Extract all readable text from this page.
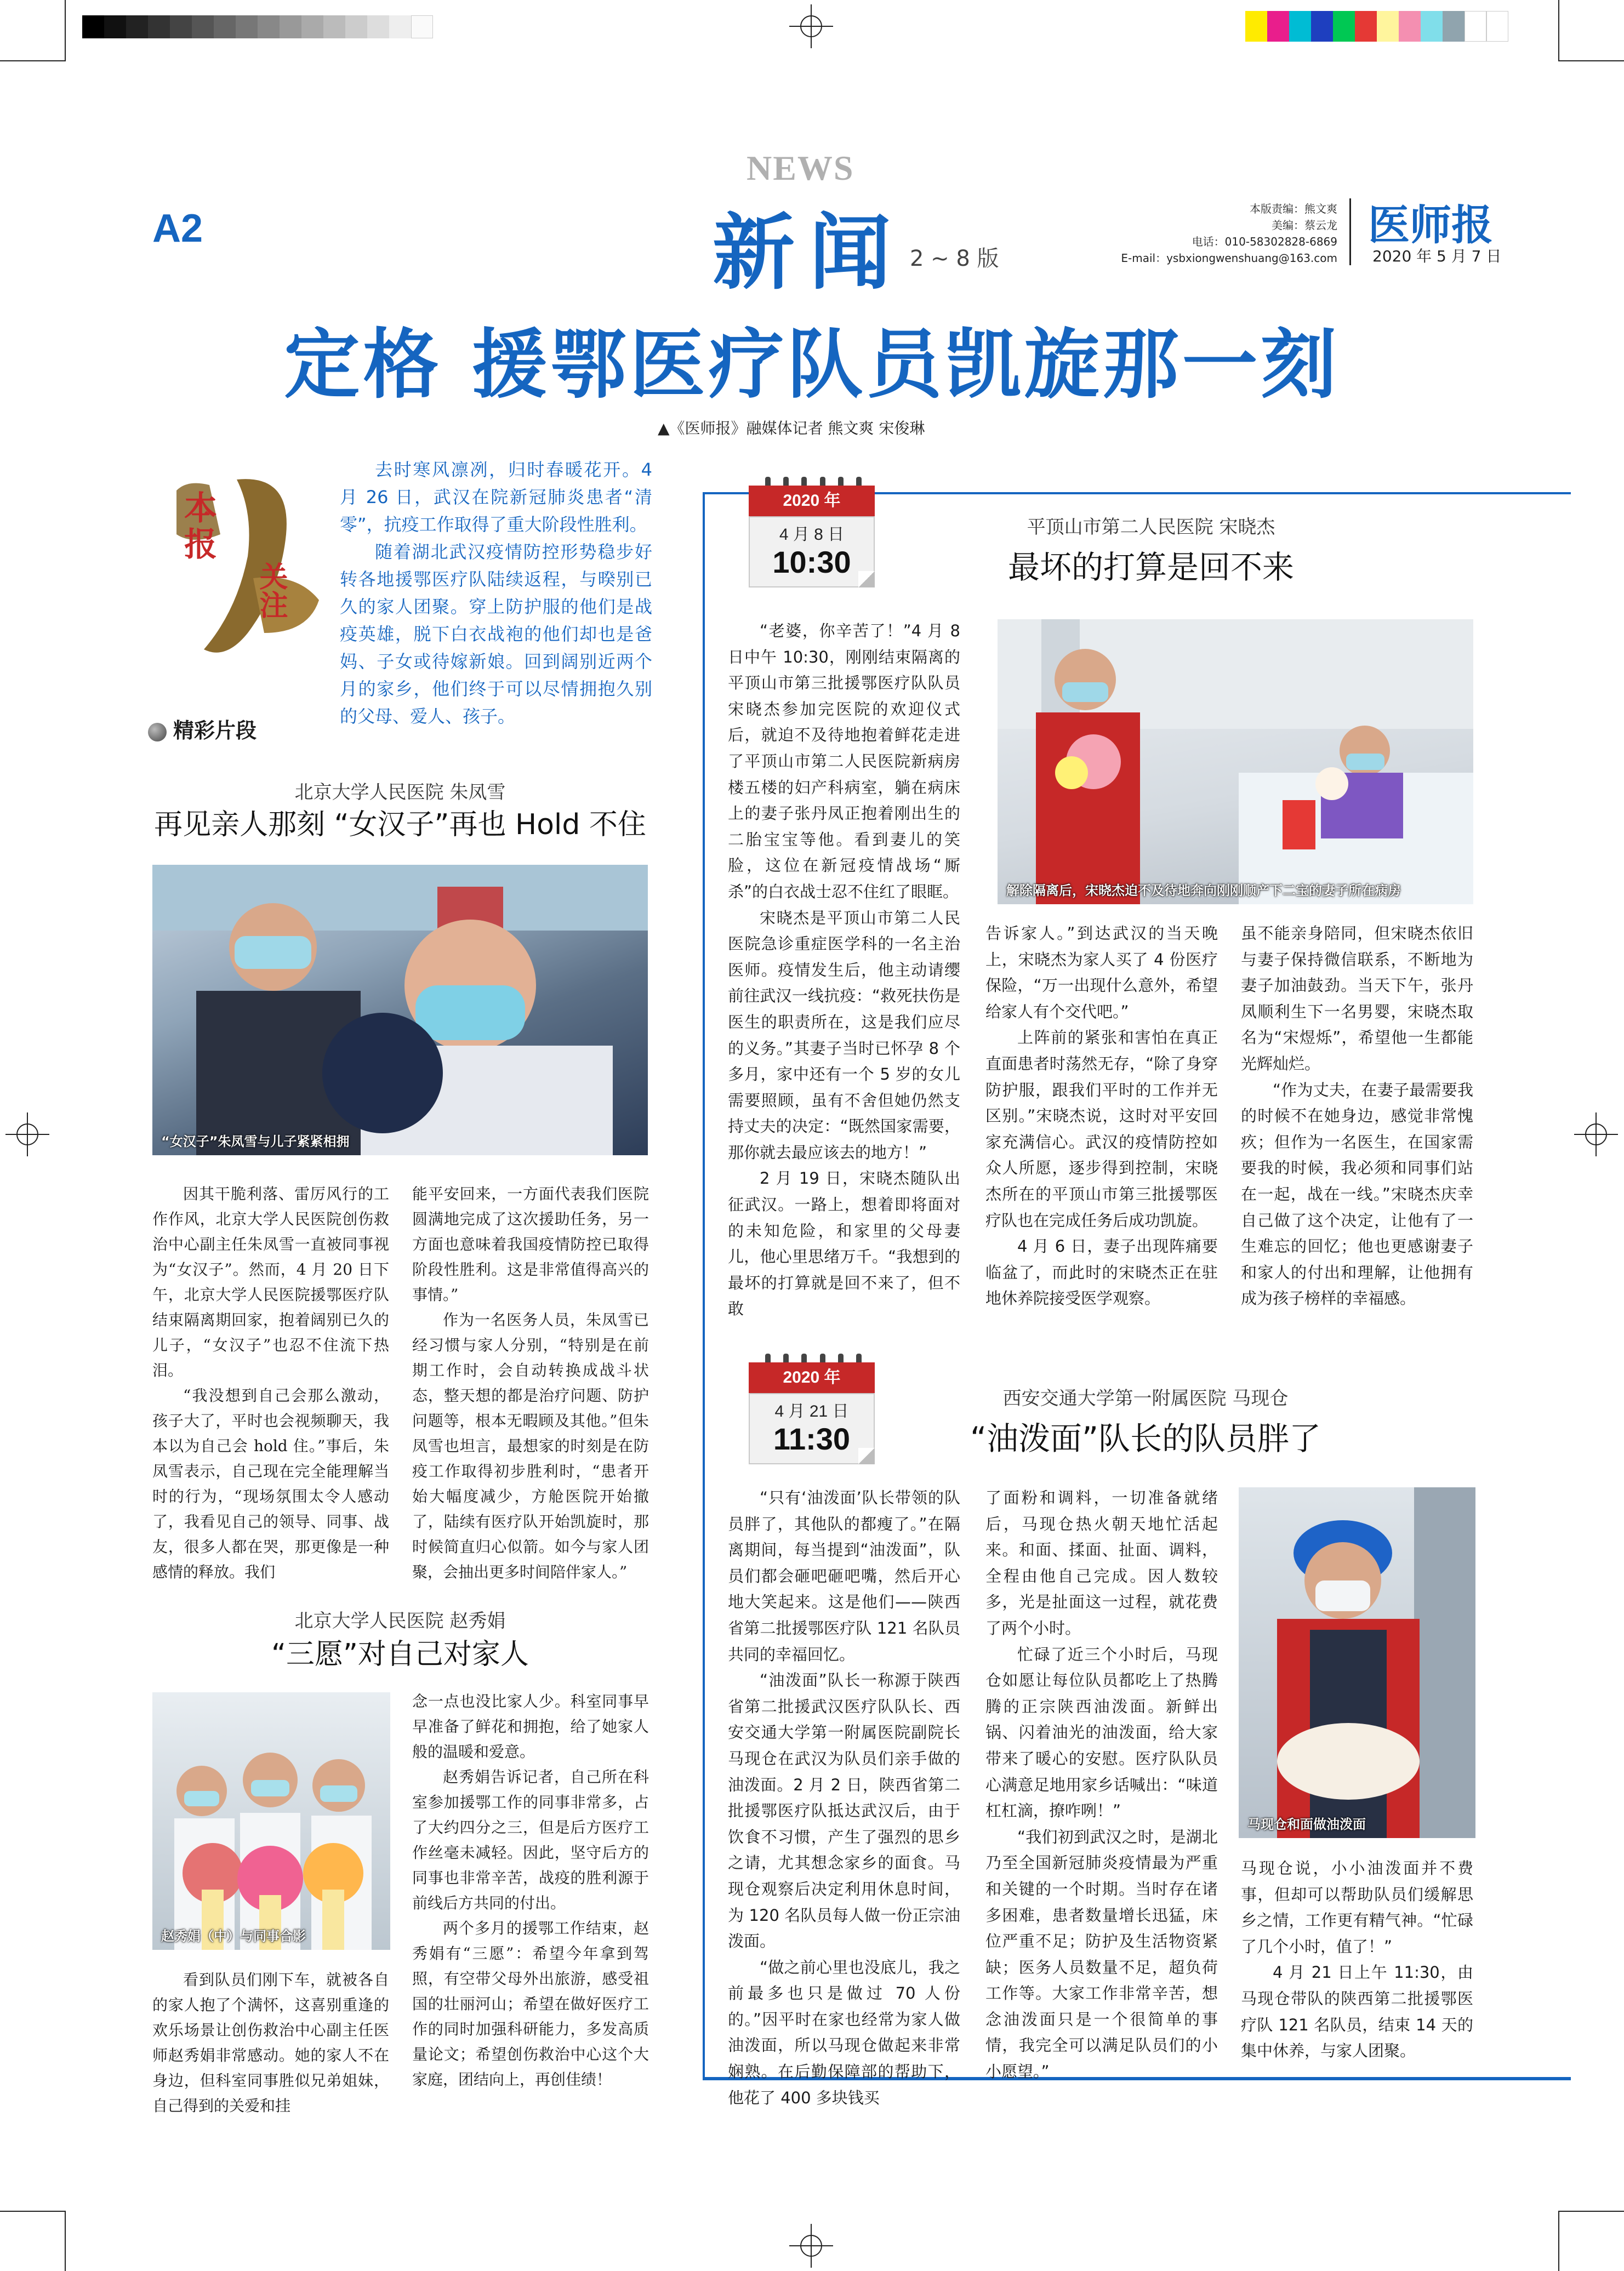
A2
NEWS
新闻 2 ~ 8 版
本版责编：熊文爽
美编：蔡云龙
电话：010-58302828-6869
E-mail：ysbxiongwenshuang@163.com
医师报
2020 年 5 月 7 日
定格 援鄂医疗队员凯旋那一刻
▲《医师报》融媒体记者 熊文爽 宋俊琳
本报
关注

去时寒风凛冽，归时春暖花开。4 月 26 日，武汉在院新冠肺炎患者“清零”，抗疫工作取得了重大阶段性胜利。

随着湖北武汉疫情防控形势稳步好转各地援鄂医疗队陆续返程，与暌别已久的家人团聚。穿上防护服的他们是战疫英雄，脱下白衣战袍的他们却也是爸妈、子女或待嫁新娘。回到阔别近两个月的家乡，他们终于可以尽情拥抱久别的父母、爱人、孩子。

精彩片段
北京大学人民医院 朱凤雪
再见亲人那刻 “女汉子”再也 Hold 不住
“女汉子”朱凤雪与儿子紧紧相拥

因其干脆利落、雷厉风行的工作作风，北京大学人民医院创伤救治中心副主任朱凤雪一直被同事视为“女汉子”。然而，4 月 20 日下午，北京大学人民医院援鄂医疗队结束隔离期回家，抱着阔别已久的儿子，“女汉子”也忍不住流下热泪。

“我没想到自己会那么激动，孩子大了，平时也会视频聊天，我本以为自己会 hold 住。”事后，朱凤雪表示，自己现在完全能理解当时的行为，“现场氛围太令人感动了，我看见自己的领导、同事、战友，很多人都在哭，那更像是一种感情的释放。我们

能平安回来，一方面代表我们医院圆满地完成了这次援助任务，另一方面也意味着我国疫情防控已取得阶段性胜利。这是非常值得高兴的事情。”

作为一名医务人员，朱凤雪已经习惯与家人分别，“特别是在前期工作时，会自动转换成战斗状态，整天想的都是治疗问题、防护问题等，根本无暇顾及其他。”但朱凤雪也坦言，最想家的时刻是在防疫工作取得初步胜利时，“患者开始大幅度减少，方舱医院开始撤了，陆续有医疗队开始凯旋时，那时候简直归心似箭。如今与家人团聚，会抽出更多时间陪伴家人。”

北京大学人民医院 赵秀娟
“三愿”对自己对家人
赵秀娟（中）与同事合影

看到队员们刚下车，就被各自的家人抱了个满怀，这喜别重逢的欢乐场景让创伤救治中心副主任医师赵秀娟非常感动。她的家人不在身边，但科室同事胜似兄弟姐妹，自己得到的关爱和挂

念一点也没比家人少。科室同事早早准备了鲜花和拥抱，给了她家人般的温暖和爱意。

赵秀娟告诉记者，自己所在科室参加援鄂工作的同事非常多，占了大约四分之三，但是后方医疗工作丝毫未减轻。因此，坚守后方的同事也非常辛苦，战疫的胜利源于前线后方共同的付出。

两个多月的援鄂工作结束，赵秀娟有“三愿”：希望今年拿到驾照，有空带父母外出旅游，感受祖国的壮丽河山；希望在做好医疗工作的同时加强科研能力，多发高质量论文；希望创伤救治中心这个大家庭，团结向上，再创佳绩！

2020 年
4 月 8 日
10:30
平顶山市第二人民医院 宋晓杰
最坏的打算是回不来

“老婆，你辛苦了！”4 月 8 日中午 10:30，刚刚结束隔离的平顶山市第三批援鄂医疗队队员宋晓杰参加完医院的欢迎仪式后，就迫不及待地抱着鲜花走进了平顶山市第二人民医院新病房楼五楼的妇产科病室，躺在病床上的妻子张丹凤正抱着刚出生的二胎宝宝等他。看到妻儿的笑脸，这位在新冠疫情战场“厮杀”的白衣战士忍不住红了眼眶。

宋晓杰是平顶山市第二人民医院急诊重症医学科的一名主治医师。疫情发生后，他主动请缨前往武汉一线抗疫：“救死扶伤是医生的职责所在，这是我们应尽的义务。”其妻子当时已怀孕 8 个多月，家中还有一个 5 岁的女儿需要照顾，虽有不舍但她仍然支持丈夫的决定：“既然国家需要，那你就去最应该去的地方！”

2 月 19 日，宋晓杰随队出征武汉。一路上，想着即将面对的未知危险，和家里的父母妻儿，他心里思绪万千。“我想到的最坏的打算就是回不来了，但不敢

解除隔离后，宋晓杰迫不及待地奔向刚刚顺产下二宝的妻子所在病房

告诉家人。”到达武汉的当天晚上，宋晓杰为家人买了 4 份医疗保险，“万一出现什么意外，希望给家人有个交代吧。”

上阵前的紧张和害怕在真正直面患者时荡然无存，“除了身穿防护服，跟我们平时的工作并无区别。”宋晓杰说，这时对平安回家充满信心。武汉的疫情防控如众人所愿，逐步得到控制，宋晓杰所在的平顶山市第三批援鄂医疗队也在完成任务后成功凯旋。

4 月 6 日，妻子出现阵痛要临盆了，而此时的宋晓杰正在驻地休养院接受医学观察。

虽不能亲身陪同，但宋晓杰依旧与妻子保持微信联系，不断地为妻子加油鼓劲。当天下午，张丹凤顺利生下一名男婴，宋晓杰取名为“宋煜烁”，希望他一生都能光辉灿烂。

“作为丈夫，在妻子最需要我的时候不在她身边，感觉非常愧疚；但作为一名医生，在国家需要我的时候，我必须和同事们站在一起，战在一线。”宋晓杰庆幸自己做了这个决定，让他有了一生难忘的回忆；他也更感谢妻子和家人的付出和理解，让他拥有成为孩子榜样的幸福感。

2020 年
4 月 21 日
11:30
西安交通大学第一附属医院 马现仓
“油泼面”队长的队员胖了

“只有‘油泼面’队长带领的队员胖了，其他队的都瘦了。”在隔离期间，每当提到“油泼面”，队员们都会砸吧砸吧嘴，然后开心地大笑起来。这是他们——陕西省第二批援鄂医疗队 121 名队员共同的幸福回忆。

“油泼面”队长一称源于陕西省第二批援武汉医疗队队长、西安交通大学第一附属医院副院长马现仓在武汉为队员们亲手做的油泼面。2 月 2 日，陕西省第二批援鄂医疗队抵达武汉后，由于饮食不习惯，产生了强烈的思乡之请，尤其想念家乡的面食。马现仓观察后决定利用休息时间，为 120 名队员每人做一份正宗油泼面。

“做之前心里也没底儿，我之前最多也只是做过 70 人份的。”因平时在家也经常为家人做油泼面，所以马现仓做起来非常娴熟。在后勤保障部的帮助下，他花了 400 多块钱买

了面粉和调料，一切准备就绪后，马现仓热火朝天地忙活起来。和面、揉面、扯面、调料，全程由他自己完成。因人数较多，光是扯面这一过程，就花费了两个小时。

忙碌了近三个小时后，马现仓如愿让每位队员都吃上了热腾腾的正宗陕西油泼面。新鲜出锅、闪着油光的油泼面，给大家带来了暖心的安慰。医疗队队员心满意足地用家乡话喊出：“味道杠杠滴，撩咋咧！”

“我们初到武汉之时，是湖北乃至全国新冠肺炎疫情最为严重和关键的一个时期。当时存在诸多困难，患者数量增长迅猛，床位严重不足；防护及生活物资紧缺；医务人员数量不足，超负荷工作等。大家工作非常辛苦，想念油泼面只是一个很简单的事情，我完全可以满足队员们的小小愿望。”

马现仓和面做油泼面

马现仓说，小小油泼面并不费事，但却可以帮助队员们缓解思乡之情，工作更有精气神。“忙碌了几个小时，值了！”

4 月 21 日上午 11:30，由马现仓带队的陕西第二批援鄂医疗队 121 名队员，结束 14 天的集中休养，与家人团聚。
